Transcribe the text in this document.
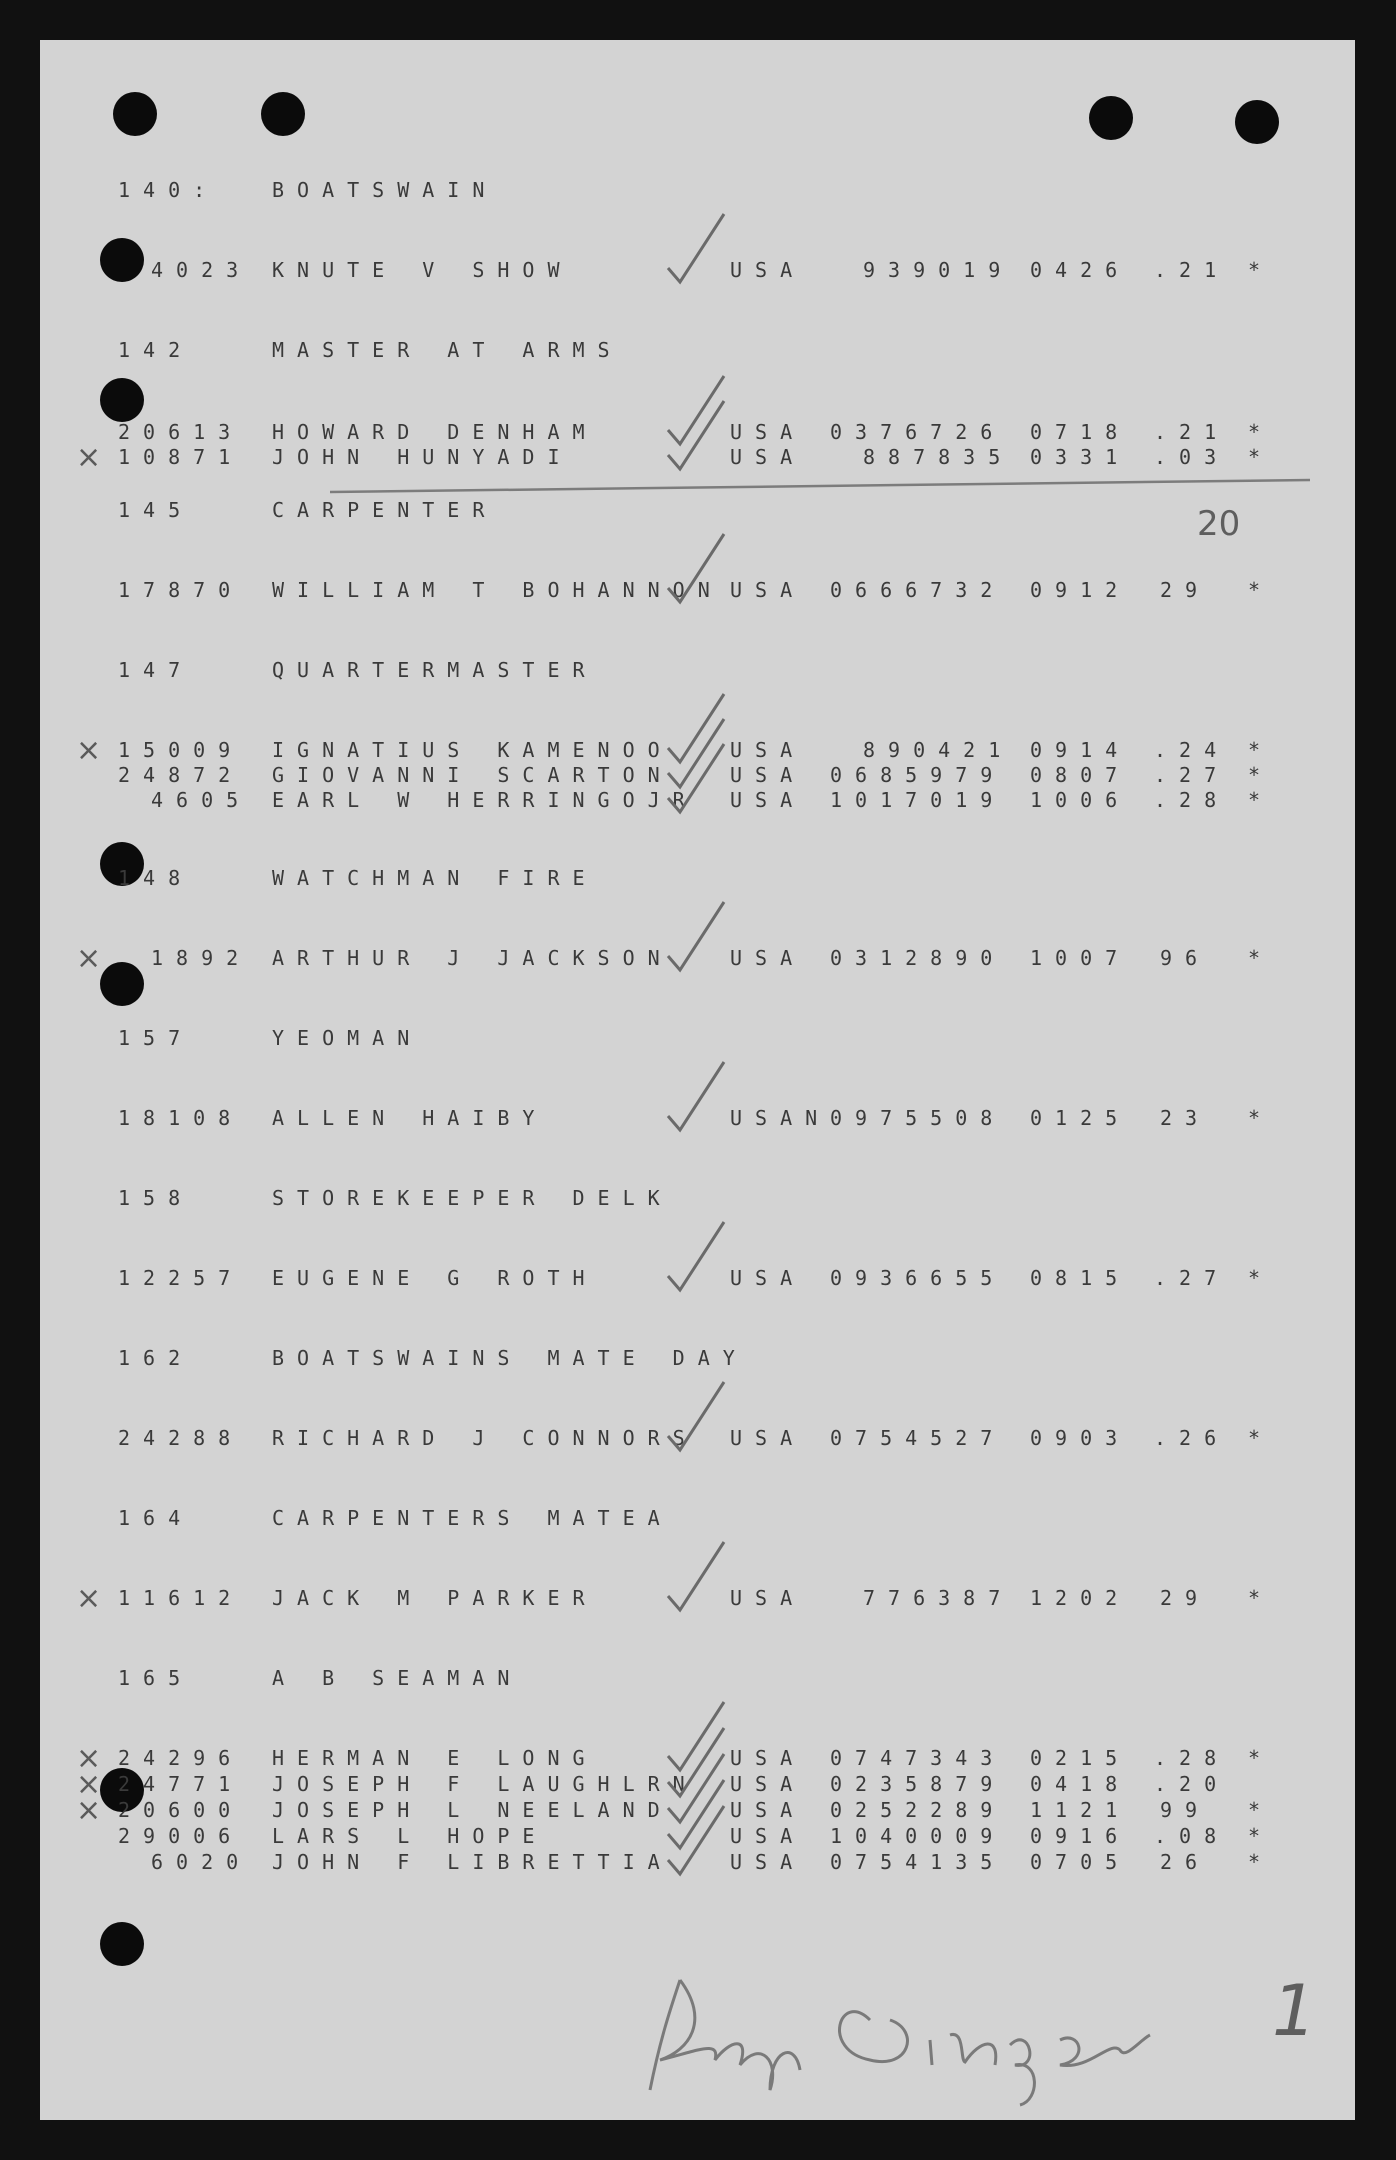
140:	BOATSWAIN
4023 KNUTE V SHOW	USA	939019 0426 .21 *
142	MASTER AT ARMS
20613 HOWARD DENHAM	USA 0376726 0718 .21 *
10871 JOHN HUNYADI	USA	887835 0331 .03 *
145	CARPENTER
17870 WILLIAM T BOHANNON USA 0666732 0912 29 *
147	QUARTERMASTER
15009 IGNATIUS KAMENOO	USA	890421 0914 .24 *
24872 GIOVANNI SCARTON	USA 0685979 0807 .27 *
4605 EARL W HERRINGOJR USA 1017019 1006 .28 *
148	WATCHMAN FIRE
1892 ARTHUR J JACKSON	USA 0312890 1007 96 *
157	YEOMAN
18108 ALLEN HAIBY	USAN 0975508 0125 23 *
158	STOREKEEPER DELK
12257 EUGENE G ROTH	USA 0936655 0815 .27 *
162	BOATSWAINS MATE DAY
24288 RICHARD J CONNORS USA 0754527 0903 .26 *
164	CARPENTERS MATEA
11612 JACK M PARKER	USA	776387 1202 29 *
165	A B SEAMAN
24296 HERMAN E LONG	USA 0747343 0215 .28 *
24771 JOSEPH F LAUGHLRN USA 0235879 0418 .20
20600 JOSEPH L NEELAND	USA 0252289 1121 99 *
29006 LARS L HOPE	USA 1040009 0916 .08 *
6020 JOHN F LIBRETTIA	USA 0754135 0705 26 *
20
1
×
×
×
×
×
×
×
